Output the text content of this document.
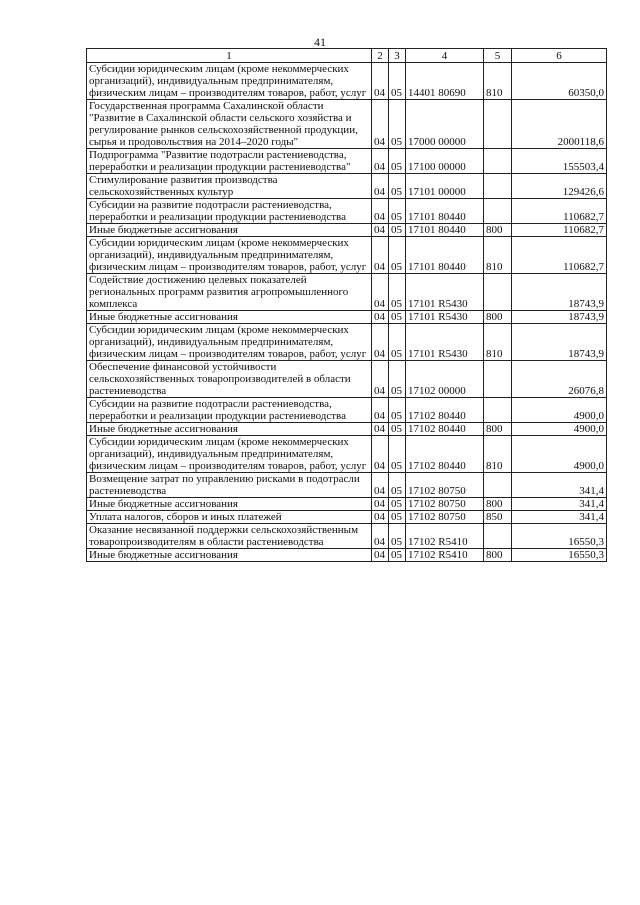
41
1	2	3	4	5	6
Субсидии юридическим лицам (кроме некоммерческих организаций), индивидуальным предпринимателям, физическим лицам – производителям товаров, работ, услуг	04	05	14401 80690	810	60350,0
Государственная программа Сахалинской области "Развитие в Сахалинской области сельского хозяйства и регулирование рынков сельскохозяйственной продукции, сырья и продовольствия на 2014–2020 годы"	04	05	17000 00000		2000118,6
Подпрограмма "Развитие подотрасли растениеводства, переработки и реализации продукции растениеводства"	04	05	17100 00000		155503,4
Стимулирование развития производства сельскохозяйственных культур	04	05	17101 00000		129426,6
Субсидии на развитие подотрасли растениеводства, переработки и реализации продукции растениеводства	04	05	17101 80440		110682,7
Иные бюджетные ассигнования	04	05	17101 80440	800	110682,7
Субсидии юридическим лицам (кроме некоммерческих организаций), индивидуальным предпринимателям, физическим лицам – производителям товаров, работ, услуг	04	05	17101 80440	810	110682,7
Содействие достижению целевых показателей региональных программ развития агропромышленного комплекса	04	05	17101 R5430		18743,9
Иные бюджетные ассигнования	04	05	17101 R5430	800	18743,9
Субсидии юридическим лицам (кроме некоммерческих организаций), индивидуальным предпринимателям, физическим лицам – производителям товаров, работ, услуг	04	05	17101 R5430	810	18743,9
Обеспечение финансовой устойчивости сельскохозяйственных товаропроизводителей в области растениеводства	04	05	17102 00000		26076,8
Субсидии на развитие подотрасли растениеводства, переработки и реализации продукции растениеводства	04	05	17102 80440		4900,0
Иные бюджетные ассигнования	04	05	17102 80440	800	4900,0
Субсидии юридическим лицам (кроме некоммерческих организаций), индивидуальным предпринимателям, физическим лицам – производителям товаров, работ, услуг	04	05	17102 80440	810	4900,0
Возмещение затрат по управлению рисками в подотрасли растениеводства	04	05	17102 80750		341,4
Иные бюджетные ассигнования	04	05	17102 80750	800	341,4
Уплата налогов, сборов и иных платежей	04	05	17102 80750	850	341,4
Оказание несвязанной поддержки сельскохозяйственным товаропроизводителям в области растениеводства	04	05	17102 R5410		16550,3
Иные бюджетные ассигнования	04	05	17102 R5410	800	16550,3
